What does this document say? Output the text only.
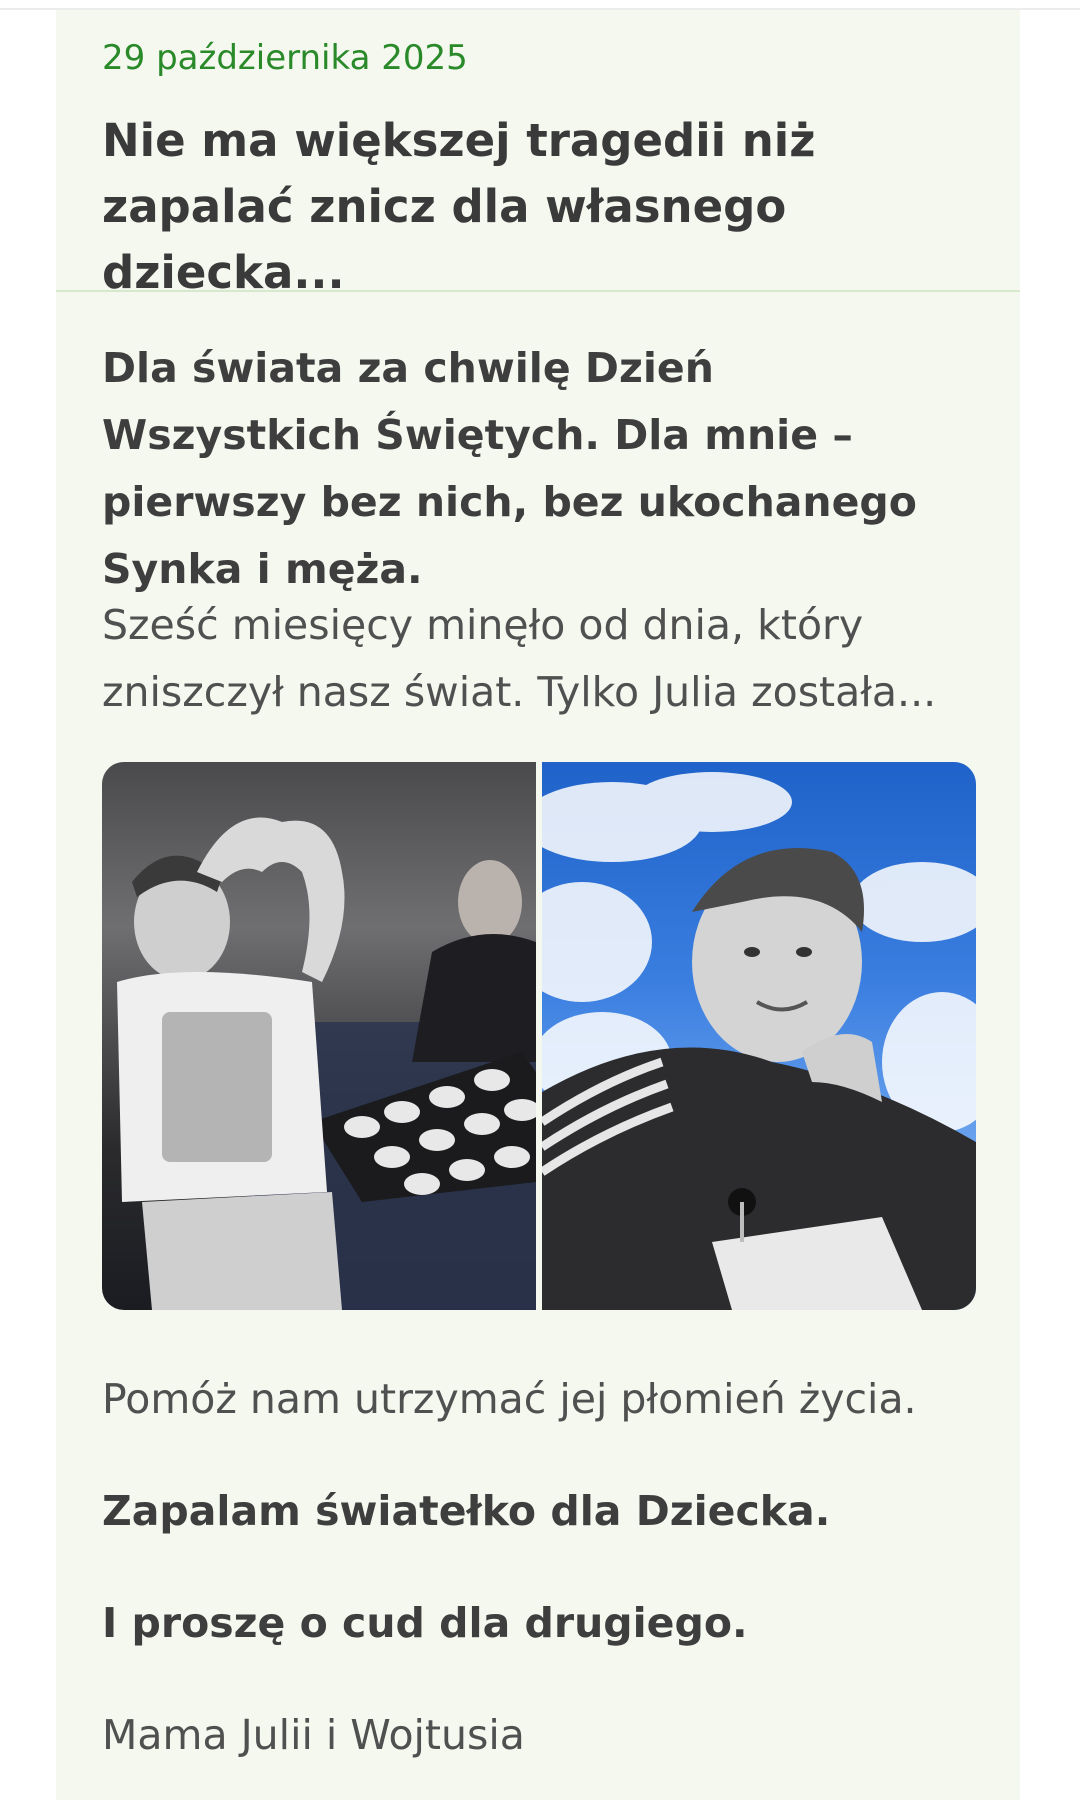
29 października 2025
Nie ma większej tragedii niż zapalać znicz dla własnego dziecka...

Dla świata za chwilę Dzień Wszystkich Świętych. Dla mnie – pierwszy bez nich, bez ukochanego Synka i męża.

Sześć miesięcy minęło od dnia, który zniszczył nasz świat. Tylko Julia została...

Pomóż nam utrzymać jej płomień życia.

Zapalam światełko dla Dziecka.

I proszę o cud dla drugiego.

Mama Julii i Wojtusia
